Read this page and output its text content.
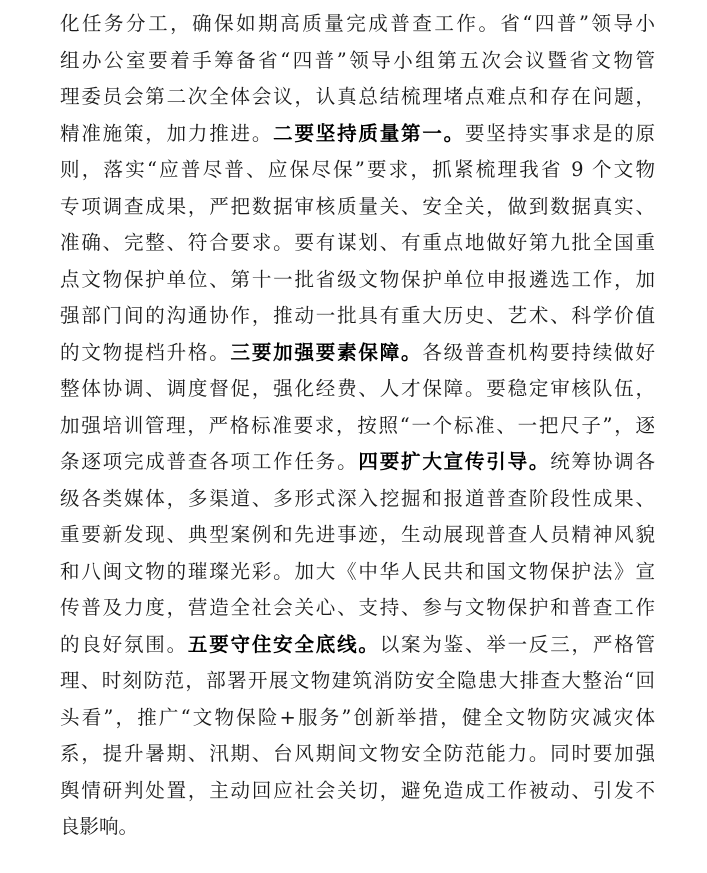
化任务分工，确保如期高质量完成普查工作。省“四普”领导小
组办公室要着手筹备省“四普”领导小组第五次会议暨省文物管
理委员会第二次全体会议，认真总结梳理堵点难点和存在问题，
精准施策，加力推进。二要坚持质量第一。要坚持实事求是的原
则，落实“应普尽普、应保尽保”要求，抓紧梳理我省 9 个文物
专项调查成果，严把数据审核质量关、安全关，做到数据真实、
准确、完整、符合要求。要有谋划、有重点地做好第九批全国重
点文物保护单位、第十一批省级文物保护单位申报遴选工作，加
强部门间的沟通协作，推动一批具有重大历史、艺术、科学价值
的文物提档升格。三要加强要素保障。各级普查机构要持续做好
整体协调、调度督促，强化经费、人才保障。要稳定审核队伍，
加强培训管理，严格标准要求，按照“一个标准、一把尺子”，逐
条逐项完成普查各项工作任务。四要扩大宣传引导。统筹协调各
级各类媒体，多渠道、多形式深入挖掘和报道普查阶段性成果、
重要新发现、典型案例和先进事迹，生动展现普查人员精神风貌
和八闽文物的璀璨光彩。加大《中华人民共和国文物保护法》宣
传普及力度，营造全社会关心、支持、参与文物保护和普查工作
的良好氛围。五要守住安全底线。以案为鉴、举一反三，严格管
理、时刻防范，部署开展文物建筑消防安全隐患大排查大整治“回
头看”，推广“文物保险+服务”创新举措，健全文物防灾减灾体
系，提升暑期、汛期、台风期间文物安全防范能力。同时要加强
舆情研判处置，主动回应社会关切，避免造成工作被动、引发不
良影响。
